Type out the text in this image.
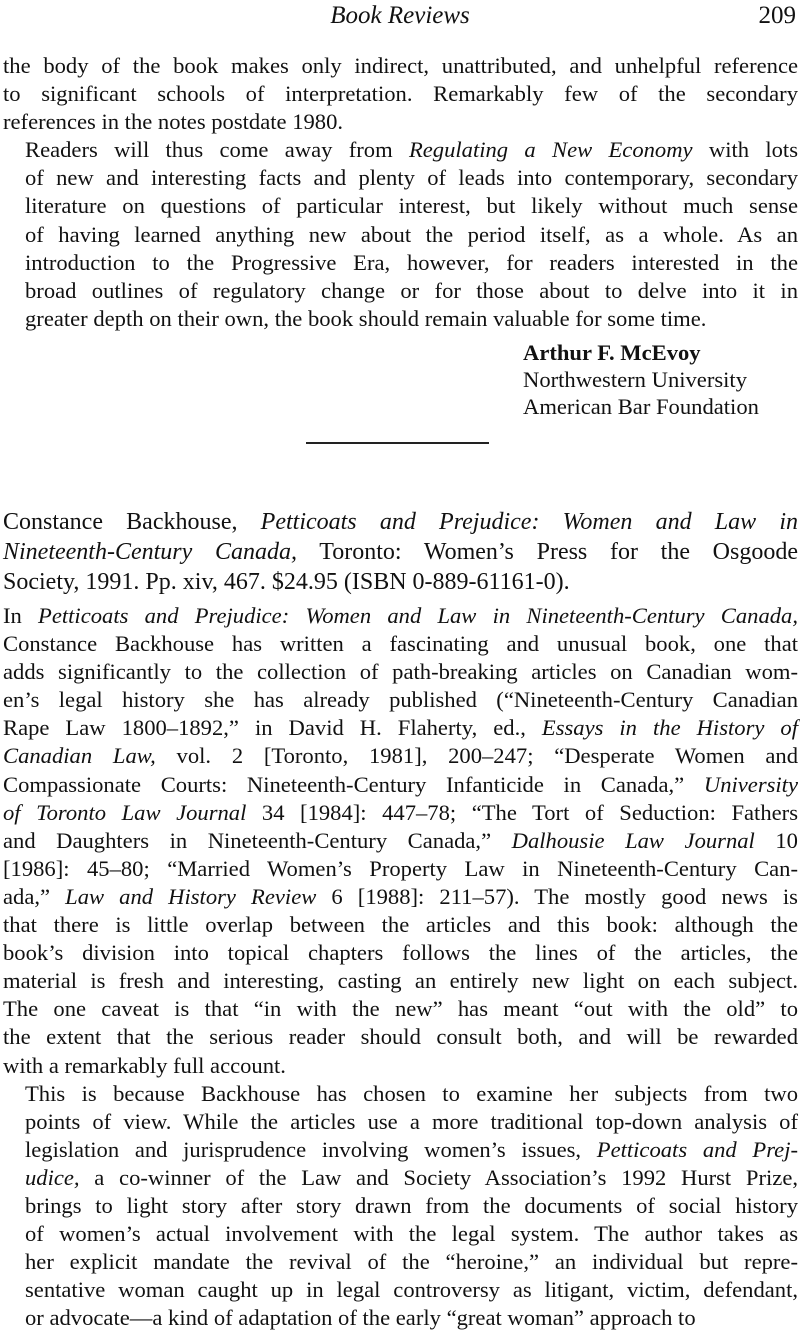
Book Reviews	209

the body of the book makes only indirect, unattributed, and unhelpful reference
to significant schools of interpretation. Remarkably few of the secondary
references in the notes postdate 1980.

Readers will thus come away from Regulating a New Economy with lots
of new and interesting facts and plenty of leads into contemporary, secondary
literature on questions of particular interest, but likely without much sense
of having learned anything new about the period itself, as a whole. As an
introduction to the Progressive Era, however, for readers interested in the
broad outlines of regulatory change or for those about to delve into it in
greater depth on their own, the book should remain valuable for some time.

Arthur F. McEvoy
Northwestern University
American Bar Foundation
Constance Backhouse, Petticoats and Prejudice: Women and Law in
Nineteenth-Century Canada, Toronto: Women’s Press for the Osgoode
Society, 1991. Pp. xiv, 467. $24.95 (ISBN 0-889-61161-0).

In Petticoats and Prejudice: Women and Law in Nineteenth-Century Canada,
Constance Backhouse has written a fascinating and unusual book, one that
adds significantly to the collection of path-breaking articles on Canadian wom-
en’s legal history she has already published (“Nineteenth-Century Canadian
Rape Law 1800–1892,” in David H. Flaherty, ed., Essays in the History of
Canadian Law, vol. 2 [Toronto, 1981], 200–247; “Desperate Women and
Compassionate Courts: Nineteenth-Century Infanticide in Canada,” University
of Toronto Law Journal 34 [1984]: 447–78; “The Tort of Seduction: Fathers
and Daughters in Nineteenth-Century Canada,” Dalhousie Law Journal 10
[1986]: 45–80; “Married Women’s Property Law in Nineteenth-Century Can-
ada,” Law and History Review 6 [1988]: 211–57). The mostly good news is
that there is little overlap between the articles and this book: although the
book’s division into topical chapters follows the lines of the articles, the
material is fresh and interesting, casting an entirely new light on each subject.
The one caveat is that “in with the new” has meant “out with the old” to
the extent that the serious reader should consult both, and will be rewarded
with a remarkably full account.

This is because Backhouse has chosen to examine her subjects from two
points of view. While the articles use a more traditional top-down analysis of
legislation and jurisprudence involving women’s issues, Petticoats and Prej-
udice, a co-winner of the Law and Society Association’s 1992 Hurst Prize,
brings to light story after story drawn from the documents of social history
of women’s actual involvement with the legal system. The author takes as
her explicit mandate the revival of the “heroine,” an individual but repre-
sentative woman caught up in legal controversy as litigant, victim, defendant,
or advocate—a kind of adaptation of the early “great woman” approach to
